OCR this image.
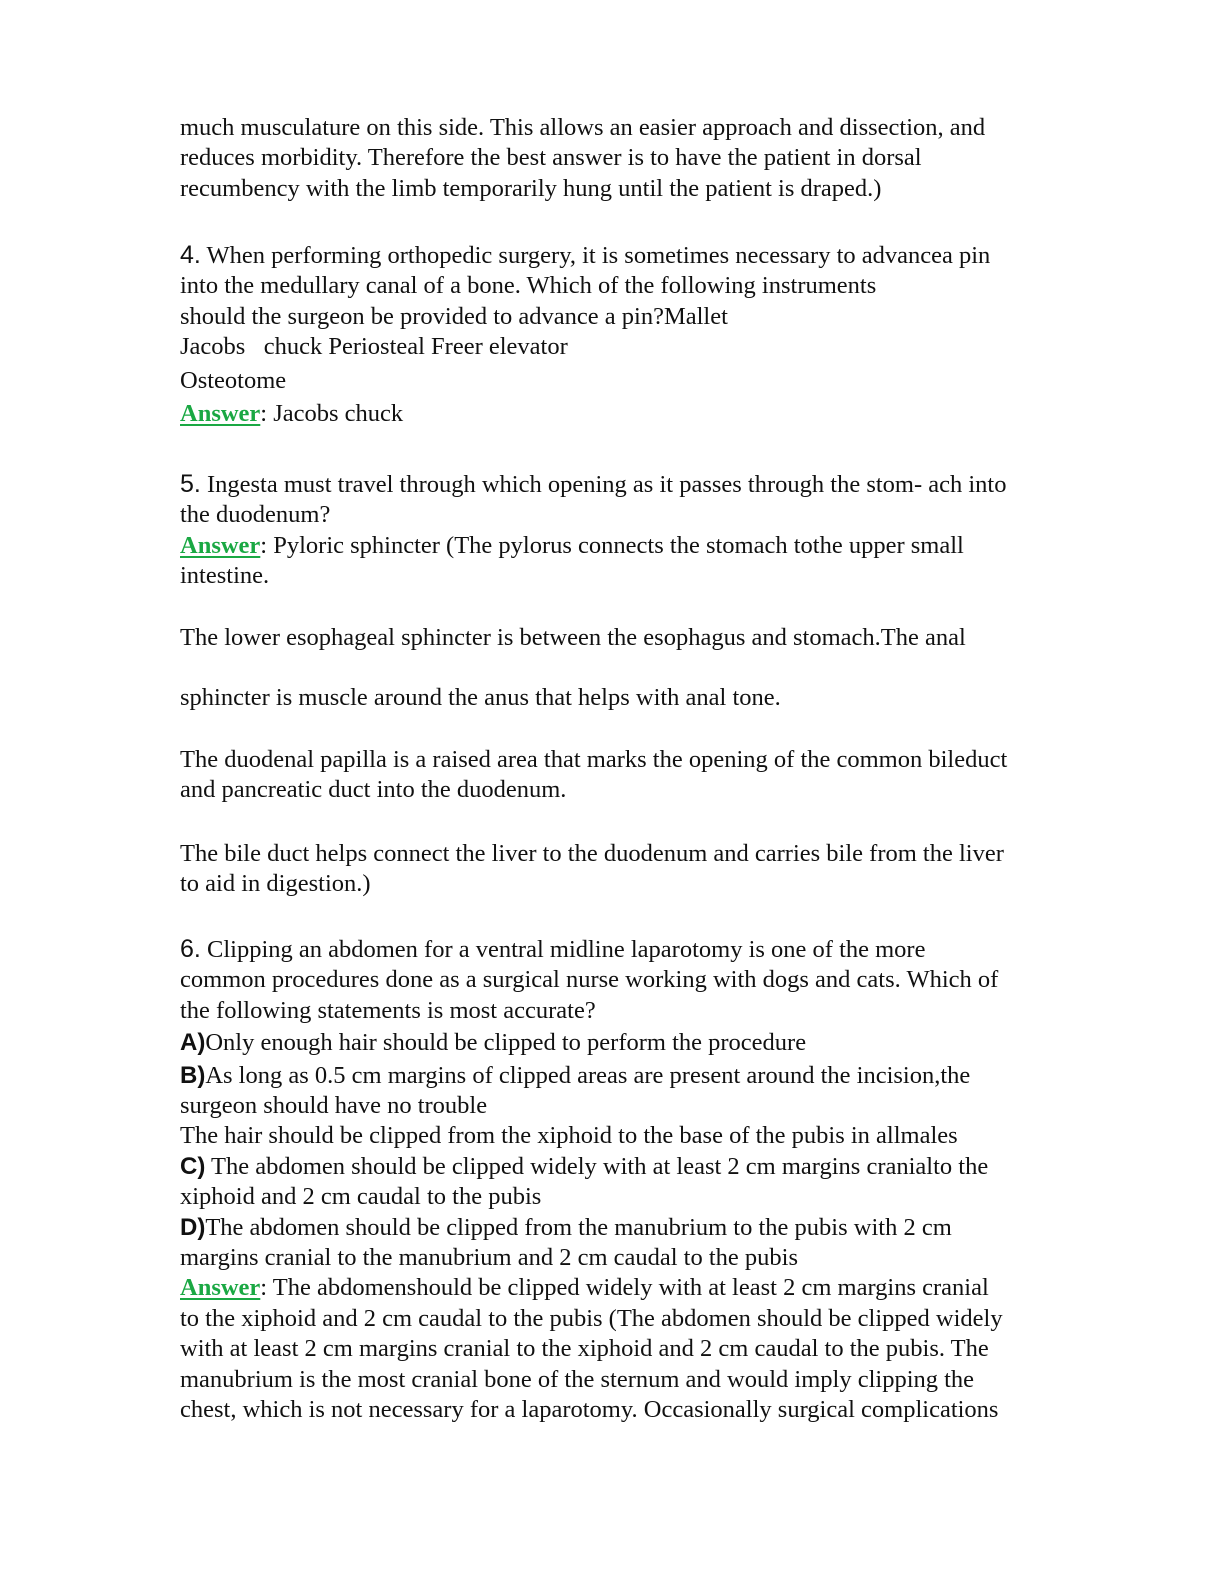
much musculature on this side. This allows an easier approach and dissection, and

reduces morbidity. Therefore the best answer is to have the patient in dorsal

recumbency with the limb temporarily hung until the patient is draped.)

4. When performing orthopedic surgery, it is sometimes necessary to advancea pin

into the medullary canal of a bone. Which of the following instruments

should the surgeon be provided to advance a pin?Mallet

Jacobs   chuck Periosteal Freer elevator

Osteotome

Answer: Jacobs chuck

5. Ingesta must travel through which opening as it passes through the stom- ach into

the duodenum?

Answer: Pyloric sphincter (The pylorus connects the stomach tothe upper small

intestine.

The lower esophageal sphincter is between the esophagus and stomach.The anal

sphincter is muscle around the anus that helps with anal tone.

The duodenal papilla is a raised area that marks the opening of the common bileduct

and pancreatic duct into the duodenum.

The bile duct helps connect the liver to the duodenum and carries bile from the liver

to aid in digestion.)

6. Clipping an abdomen for a ventral midline laparotomy is one of the more

common procedures done as a surgical nurse working with dogs and cats. Which of

the following statements is most accurate?

A)Only enough hair should be clipped to perform the procedure

B)As long as 0.5 cm margins of clipped areas are present around the incision,the

surgeon should have no trouble

The hair should be clipped from the xiphoid to the base of the pubis in allmales

C) The abdomen should be clipped widely with at least 2 cm margins cranialto the

xiphoid and 2 cm caudal to the pubis

D)The abdomen should be clipped from the manubrium to the pubis with 2 cm

margins cranial to the manubrium and 2 cm caudal to the pubis

Answer: The abdomenshould be clipped widely with at least 2 cm margins cranial

to the xiphoid and 2 cm caudal to the pubis (The abdomen should be clipped widely

with at least 2 cm margins cranial to the xiphoid and 2 cm caudal to the pubis. The

manubrium is the most cranial bone of the sternum and would imply clipping the

chest, which is not necessary for a laparotomy. Occasionally surgical complications
